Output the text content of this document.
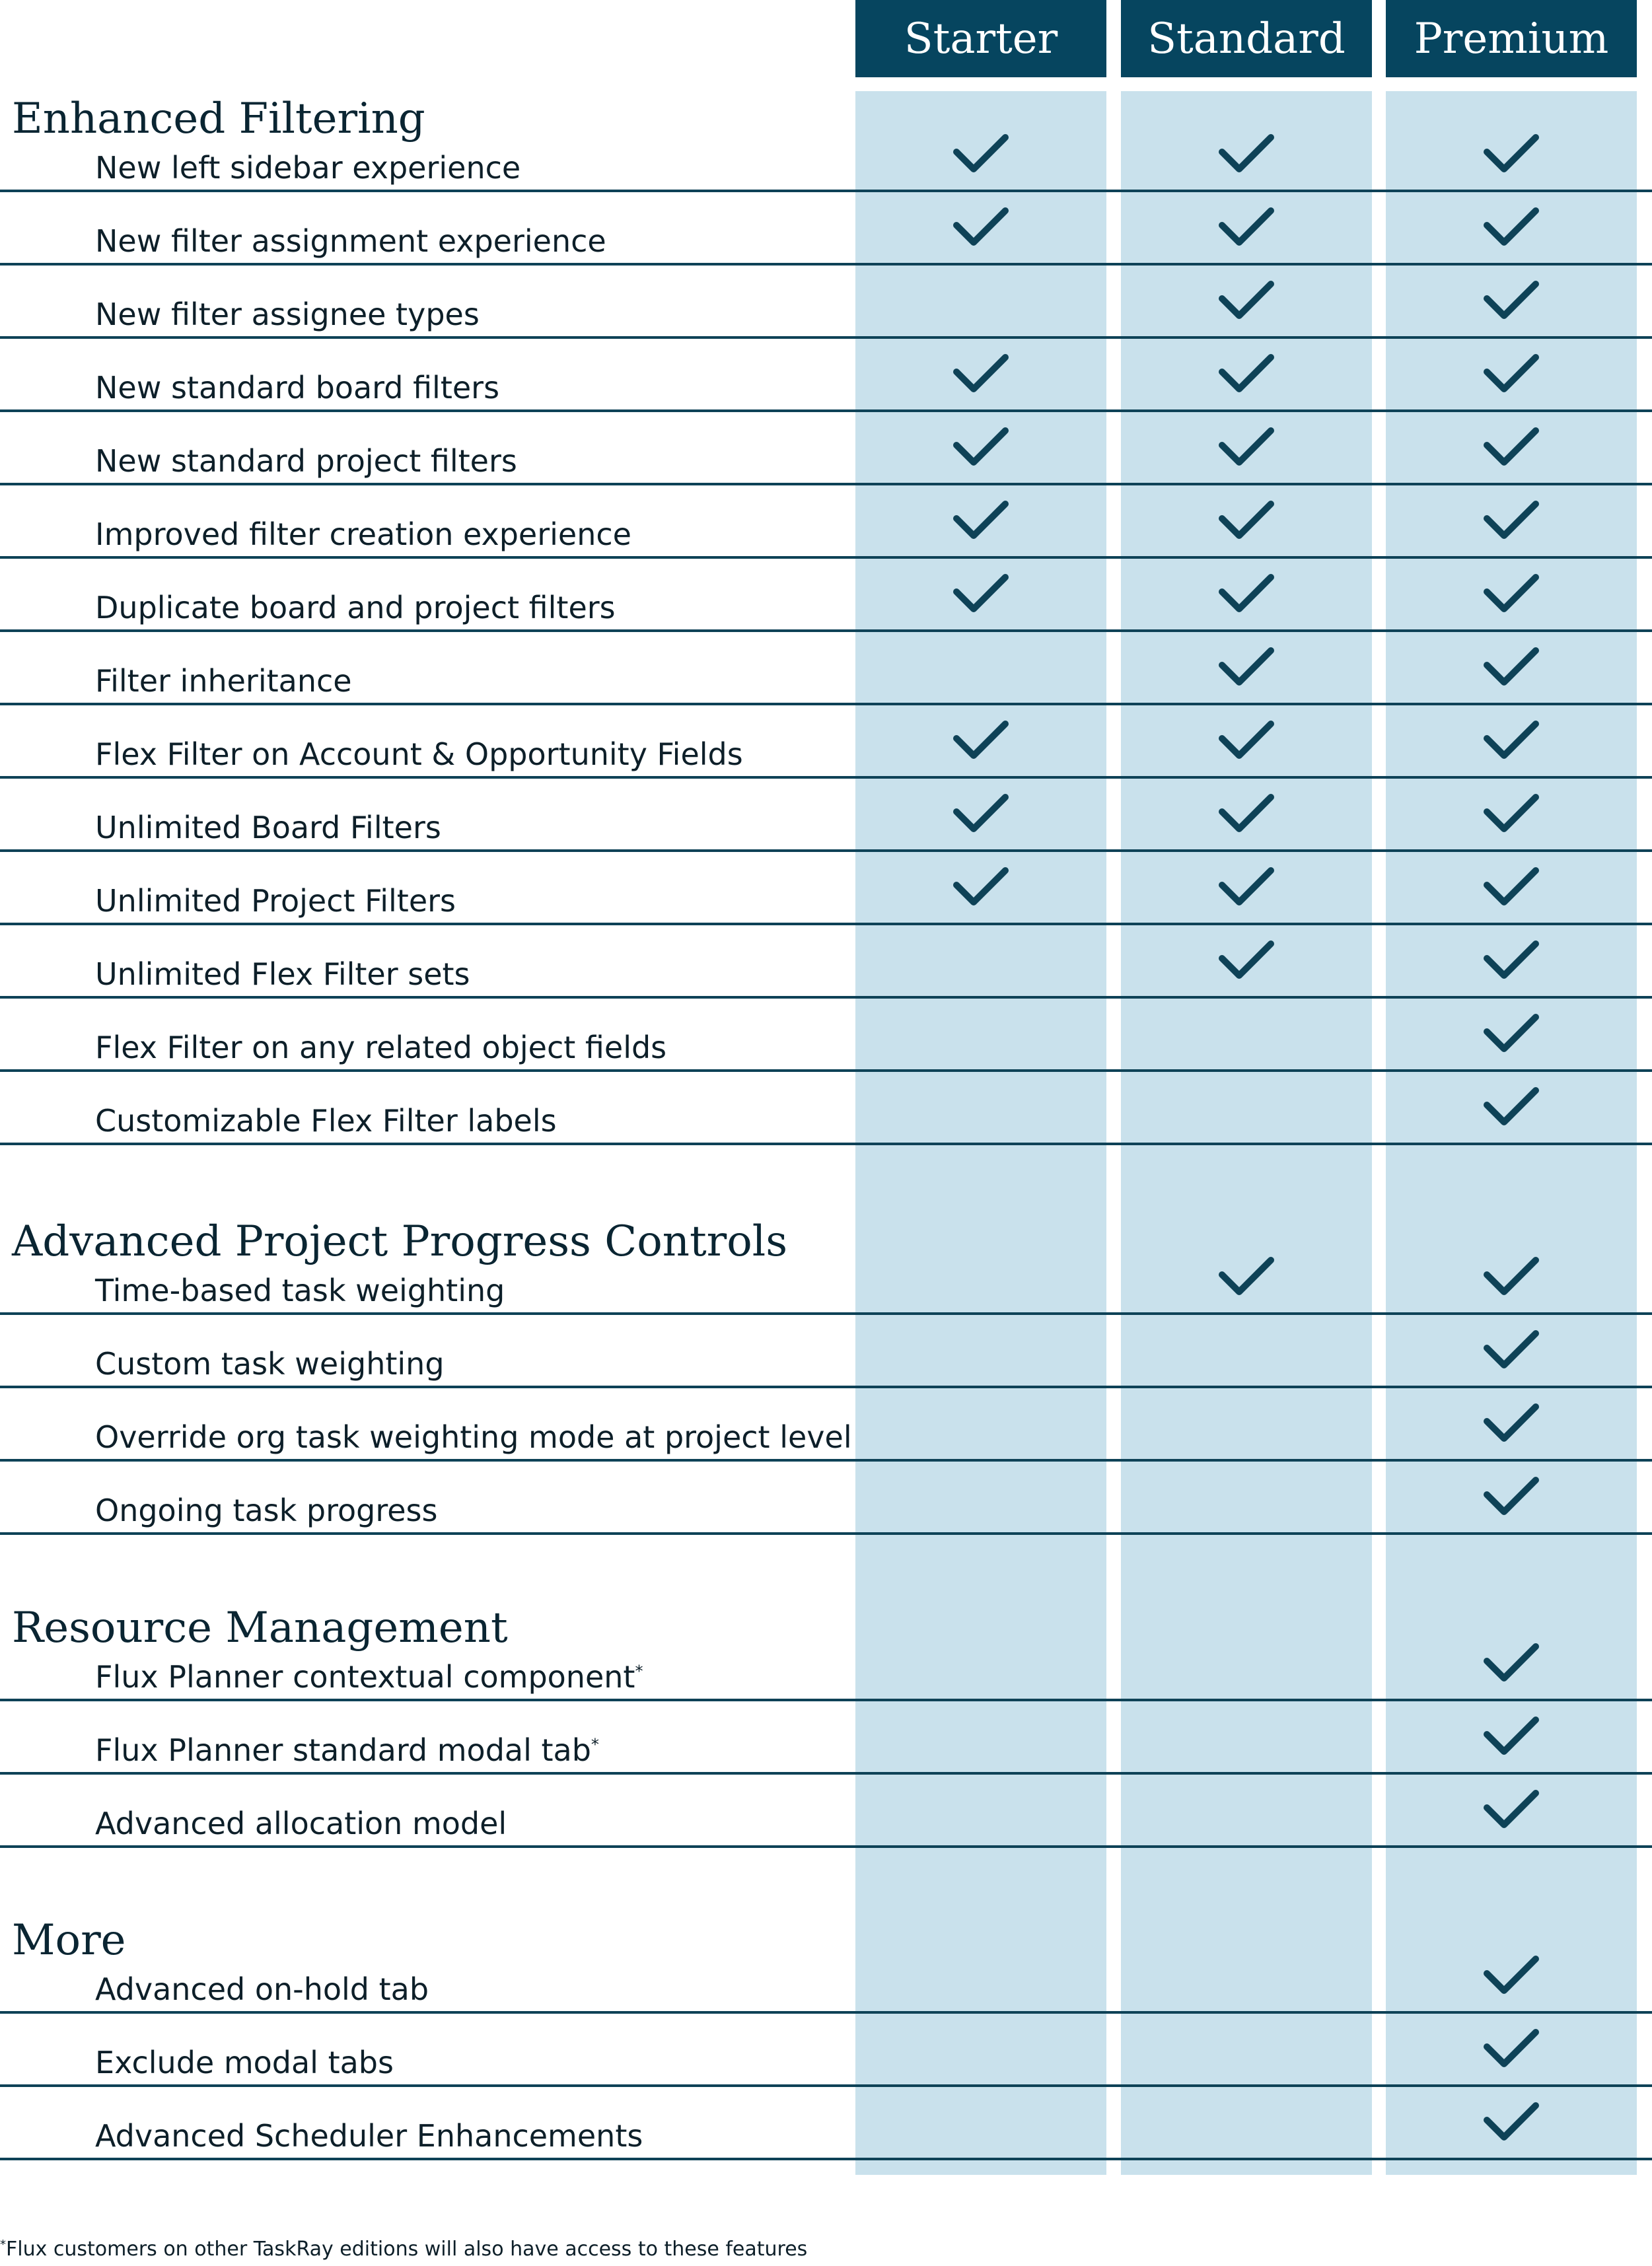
Starter	Standard	Premium
Enhanced Filtering
New left sidebar experience
New filter assignment experience
New filter assignee types
New standard board filters
New standard project filters
Improved filter creation experience
Duplicate board and project filters
Filter inheritance
Flex Filter on Account & Opportunity Fields
Unlimited Board Filters
Unlimited Project Filters
Unlimited Flex Filter sets
Flex Filter on any related object fields
Customizable Flex Filter labels
Advanced Project Progress Controls
Time-based task weighting
Custom task weighting
Override org task weighting mode at project level
Ongoing task progress
Resource Management
Flux Planner contextual component*
Flux Planner standard modal tab*
Advanced allocation model
More
Advanced on-hold tab
Exclude modal tabs
Advanced Scheduler Enhancements
*Flux customers on other TaskRay editions will also have access to these features
